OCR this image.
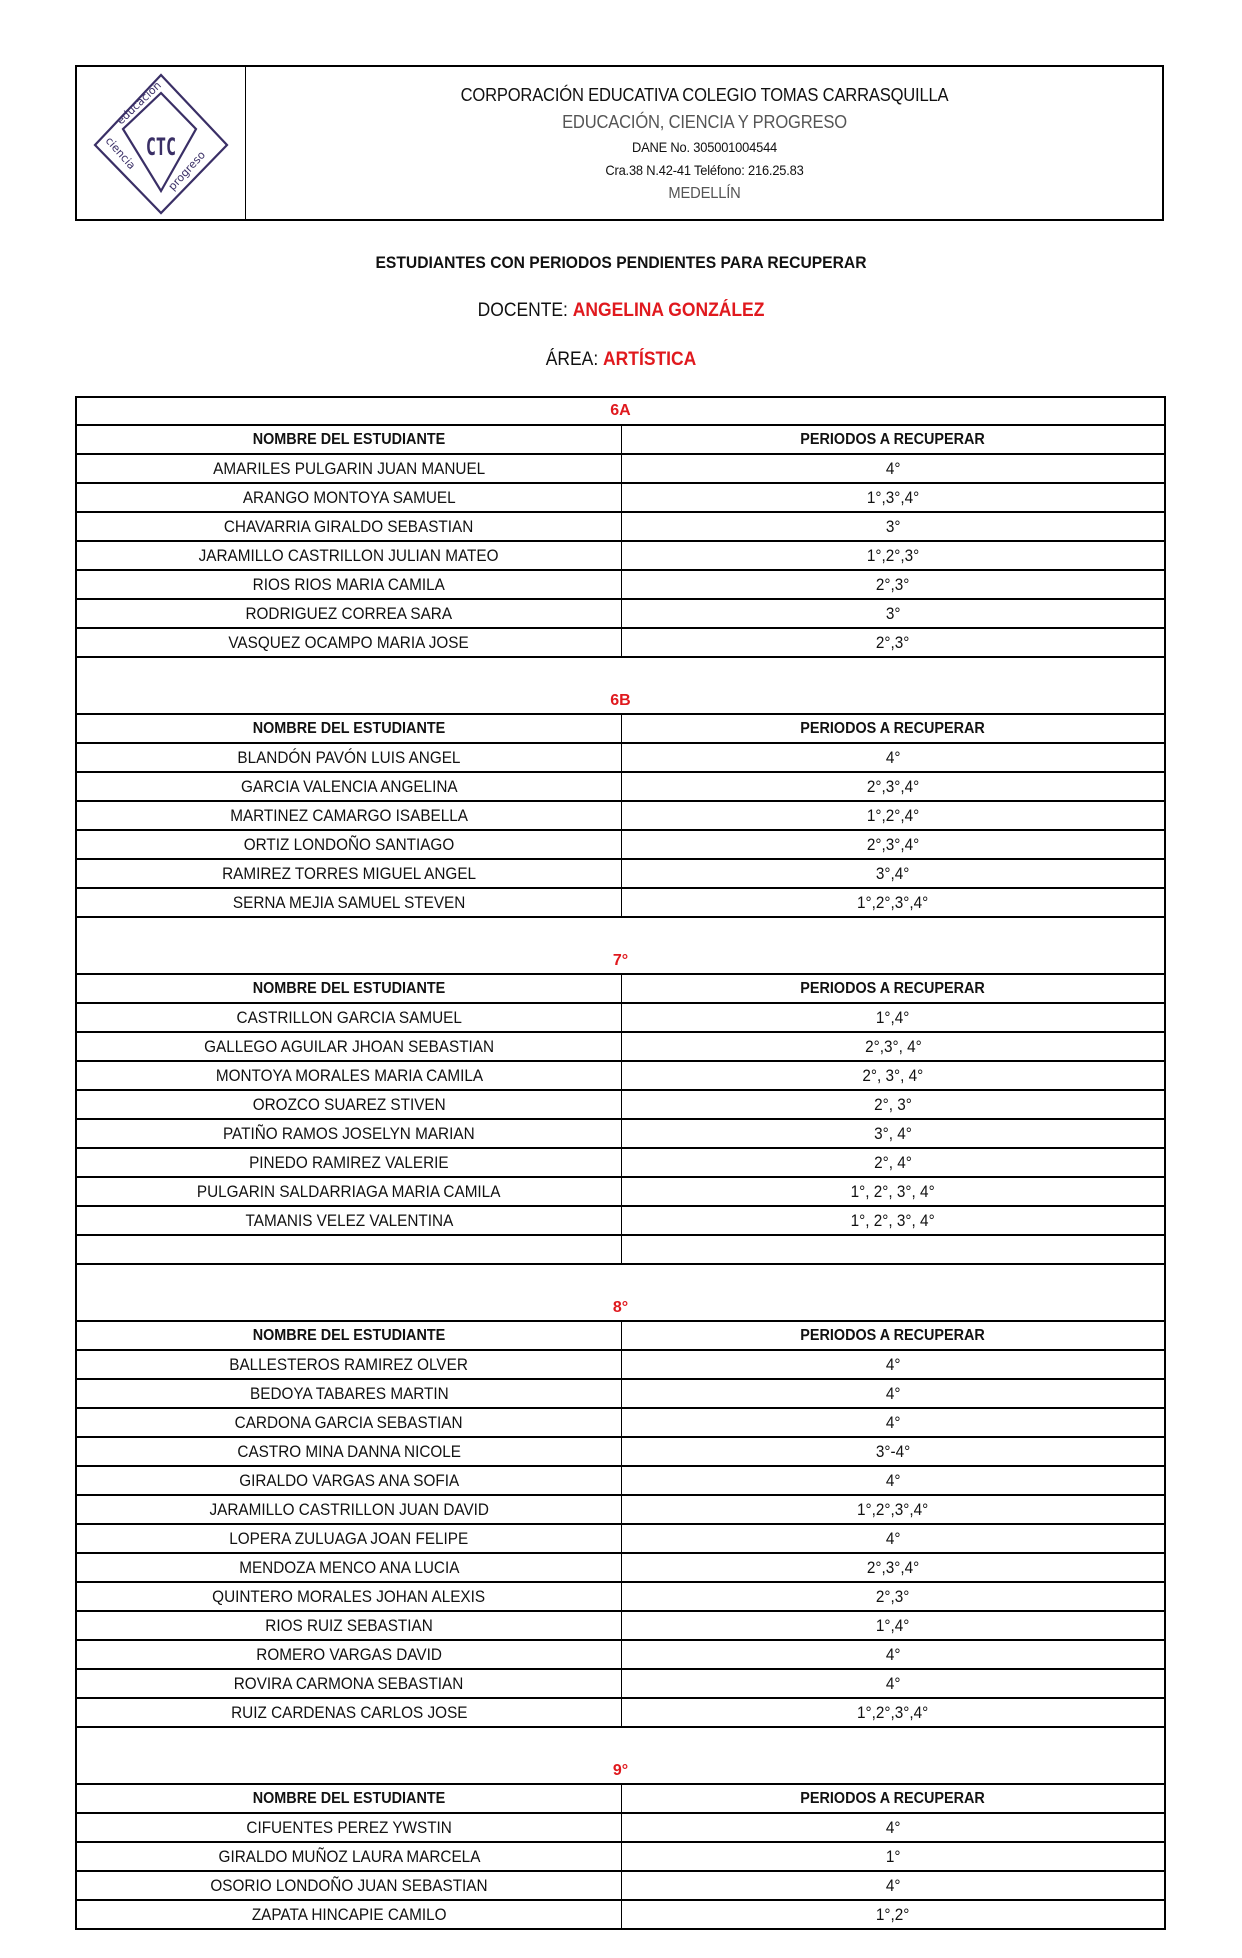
educación
ciencia
progreso
CTC
CORPORACIÓN EDUCATIVA COLEGIO TOMAS CARRASQUILLA
EDUCACIÓN, CIENCIA Y PROGRESO
DANE No. 305001004544
Cra.38 N.42-41 Teléfono: 216.25.83
MEDELLÍN
ESTUDIANTES CON PERIODOS PENDIENTES PARA RECUPERAR
DOCENTE: ANGELINA GONZÁLEZ
ÁREA: ARTÍSTICA
6A
NOMBRE DEL ESTUDIANTE	PERIODOS A RECUPERAR
AMARILES PULGARIN JUAN MANUEL	4°
ARANGO MONTOYA SAMUEL	1°,3°,4°
CHAVARRIA GIRALDO SEBASTIAN	3°
JARAMILLO CASTRILLON JULIAN MATEO	1°,2°,3°
RIOS RIOS MARIA CAMILA	2°,3°
RODRIGUEZ CORREA SARA	3°
VASQUEZ OCAMPO MARIA JOSE	2°,3°
6B
NOMBRE DEL ESTUDIANTE	PERIODOS A RECUPERAR
BLANDÓN PAVÓN LUIS ANGEL	4°
GARCIA VALENCIA ANGELINA	2°,3°,4°
MARTINEZ CAMARGO ISABELLA	1°,2°,4°
ORTIZ LONDOÑO SANTIAGO	2°,3°,4°
RAMIREZ TORRES MIGUEL ANGEL	3°,4°
SERNA MEJIA SAMUEL STEVEN	1°,2°,3°,4°
7°
NOMBRE DEL ESTUDIANTE	PERIODOS A RECUPERAR
CASTRILLON GARCIA SAMUEL	1°,4°
GALLEGO AGUILAR JHOAN SEBASTIAN	2°,3°, 4°
MONTOYA MORALES MARIA CAMILA	2°, 3°, 4°
OROZCO SUAREZ STIVEN	2°, 3°
PATIÑO RAMOS JOSELYN MARIAN	3°, 4°
PINEDO RAMIREZ VALERIE	2°, 4°
PULGARIN SALDARRIAGA MARIA CAMILA	1°, 2°, 3°, 4°
TAMANIS VELEZ VALENTINA	1°, 2°, 3°, 4°
8°
NOMBRE DEL ESTUDIANTE	PERIODOS A RECUPERAR
BALLESTEROS RAMIREZ OLVER	4°
BEDOYA TABARES MARTIN	4°
CARDONA GARCIA SEBASTIAN	4°
CASTRO MINA DANNA NICOLE	3°-4°
GIRALDO VARGAS ANA SOFIA	4°
JARAMILLO CASTRILLON JUAN DAVID	1°,2°,3°,4°
LOPERA ZULUAGA JOAN FELIPE	4°
MENDOZA MENCO ANA LUCIA	2°,3°,4°
QUINTERO MORALES JOHAN ALEXIS	2°,3°
RIOS RUIZ SEBASTIAN	1°,4°
ROMERO VARGAS DAVID	4°
ROVIRA CARMONA SEBASTIAN	4°
RUIZ CARDENAS CARLOS JOSE	1°,2°,3°,4°
9°
NOMBRE DEL ESTUDIANTE	PERIODOS A RECUPERAR
CIFUENTES PEREZ YWSTIN	4°
GIRALDO MUÑOZ LAURA MARCELA	1°
OSORIO LONDOÑO JUAN SEBASTIAN	4°
ZAPATA HINCAPIE CAMILO	1°,2°
